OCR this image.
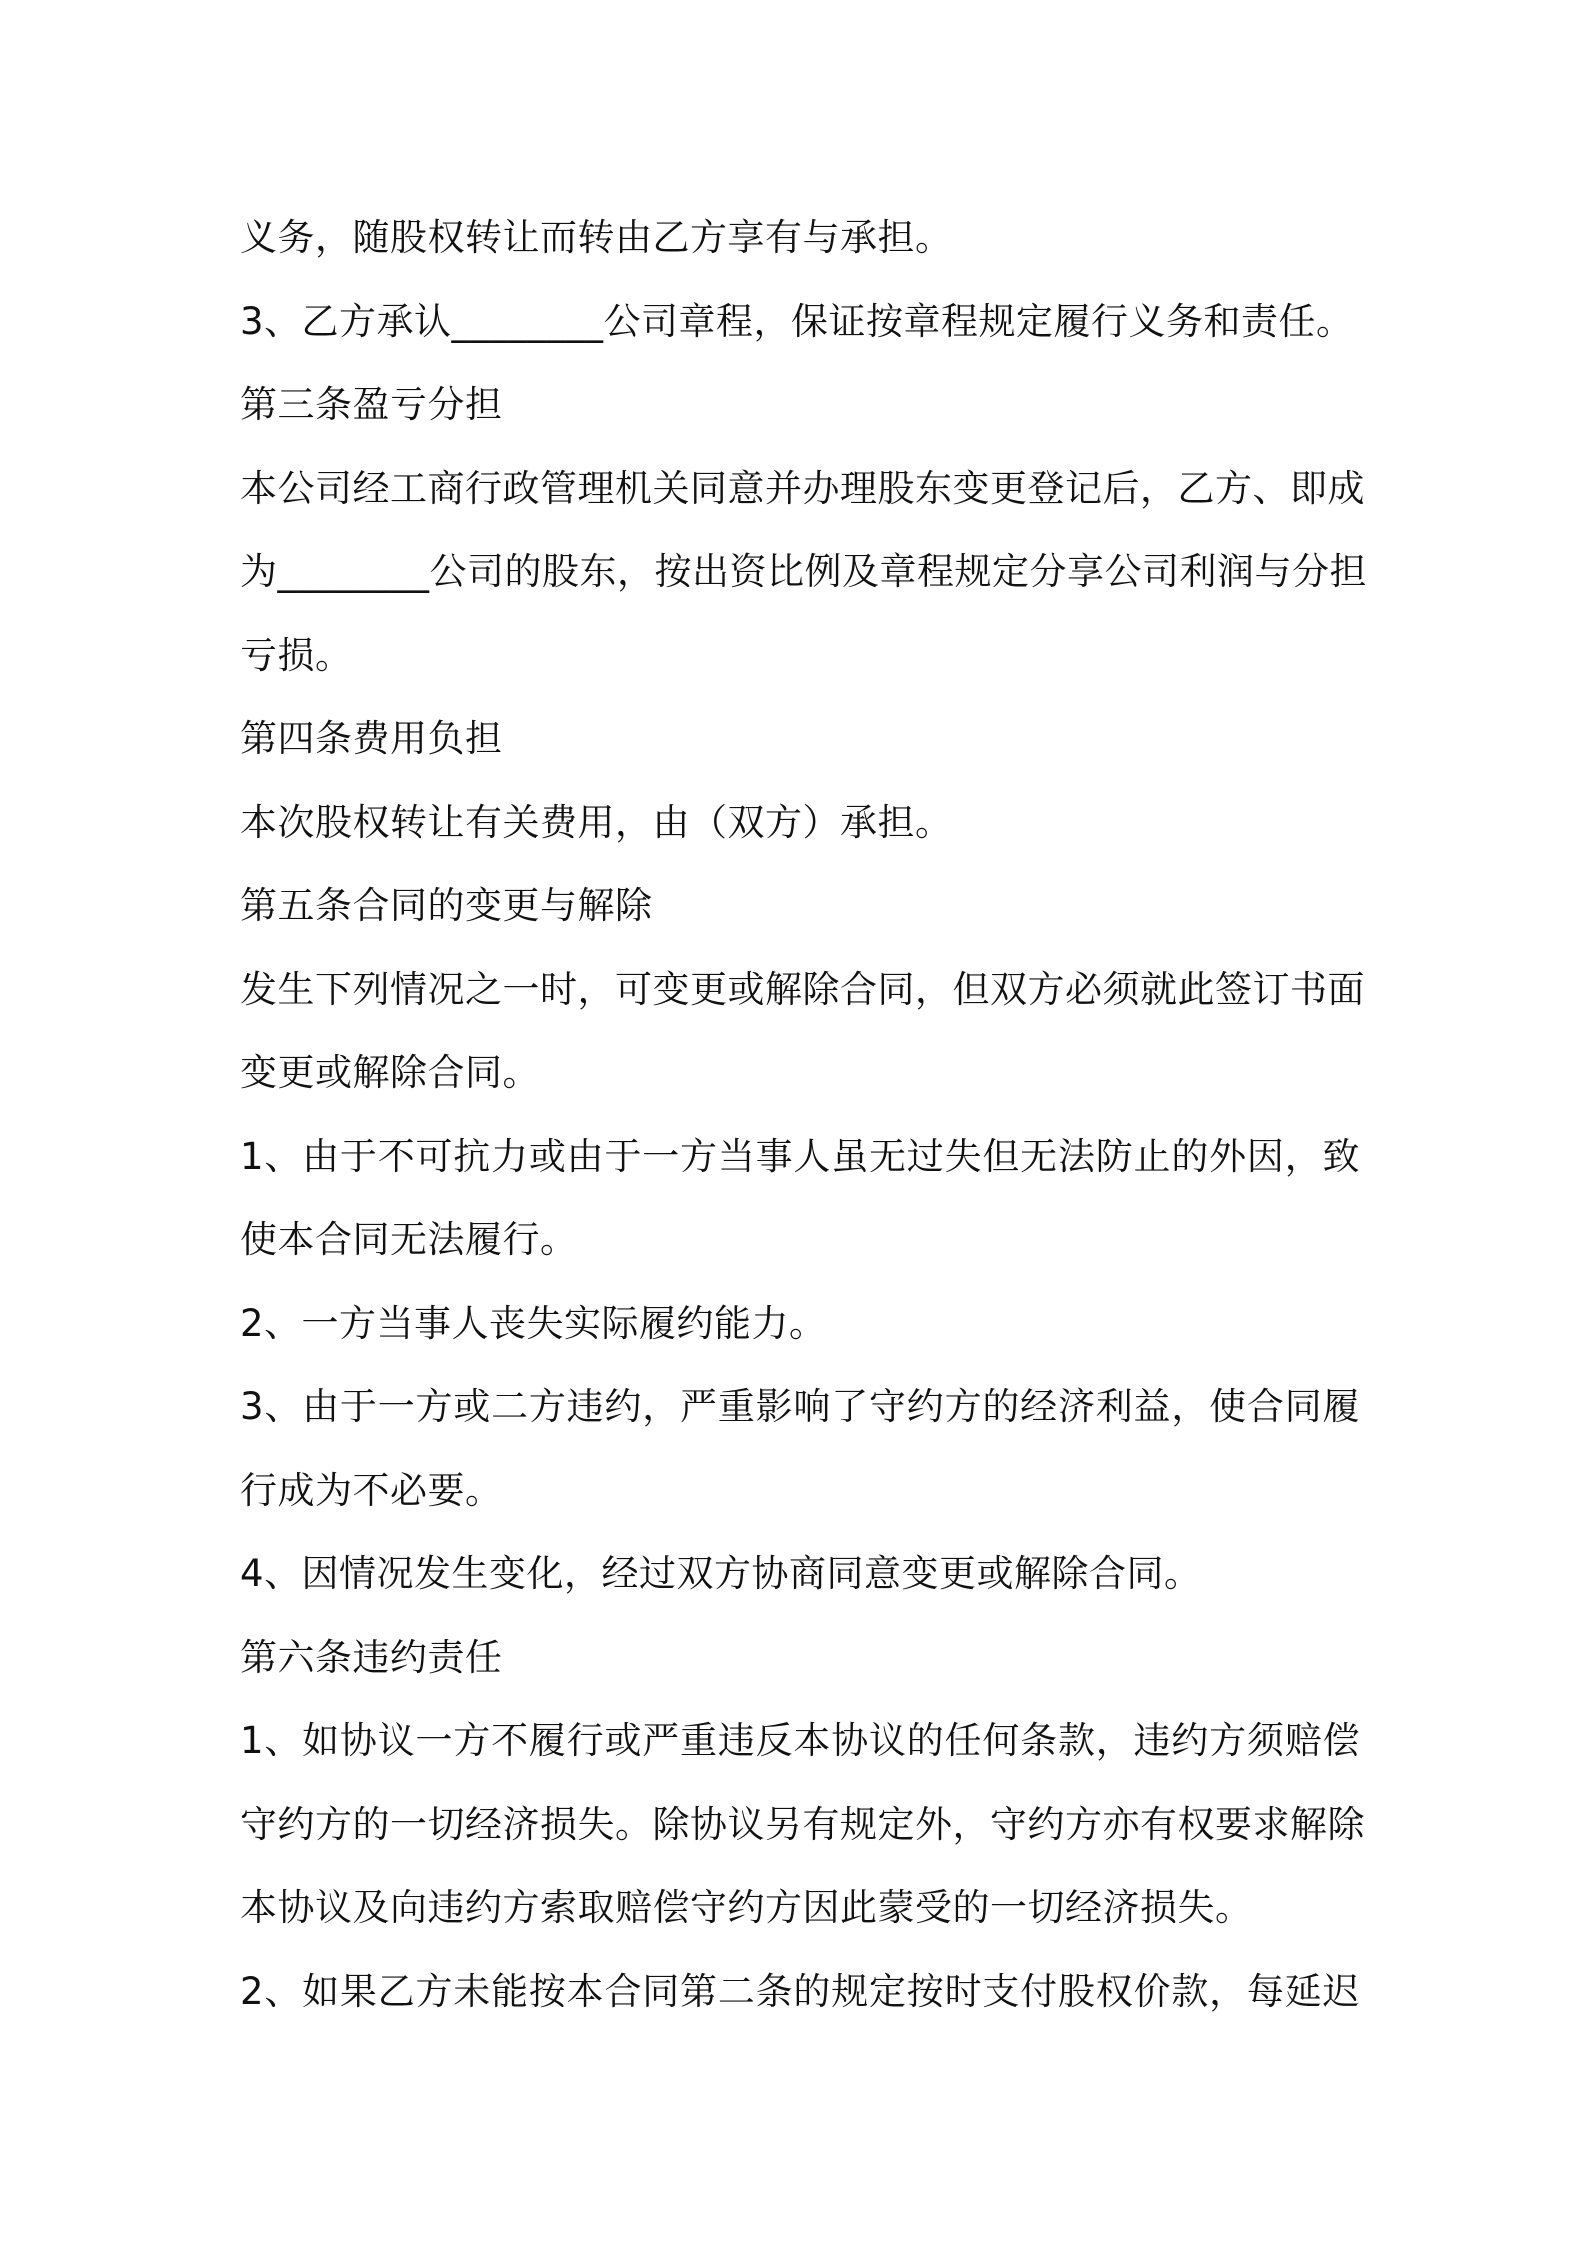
义务，随股权转让而转由乙方享有与承担。
3、乙方承认________公司章程，保证按章程规定履行义务和责任。
第三条盈亏分担
本公司经工商行政管理机关同意并办理股东变更登记后，乙方、即成
为________公司的股东，按出资比例及章程规定分享公司利润与分担
亏损。
第四条费用负担
本次股权转让有关费用，由（双方）承担。
第五条合同的变更与解除
发生下列情况之一时，可变更或解除合同，但双方必须就此签订书面
变更或解除合同。
1、由于不可抗力或由于一方当事人虽无过失但无法防止的外因，致
使本合同无法履行。
2、一方当事人丧失实际履约能力。
3、由于一方或二方违约，严重影响了守约方的经济利益，使合同履
行成为不必要。
4、因情况发生变化，经过双方协商同意变更或解除合同。
第六条违约责任
1、如协议一方不履行或严重违反本协议的任何条款，违约方须赔偿
守约方的一切经济损失。除协议另有规定外，守约方亦有权要求解除
本协议及向违约方索取赔偿守约方因此蒙受的一切经济损失。
2、如果乙方未能按本合同第二条的规定按时支付股权价款，每延迟
